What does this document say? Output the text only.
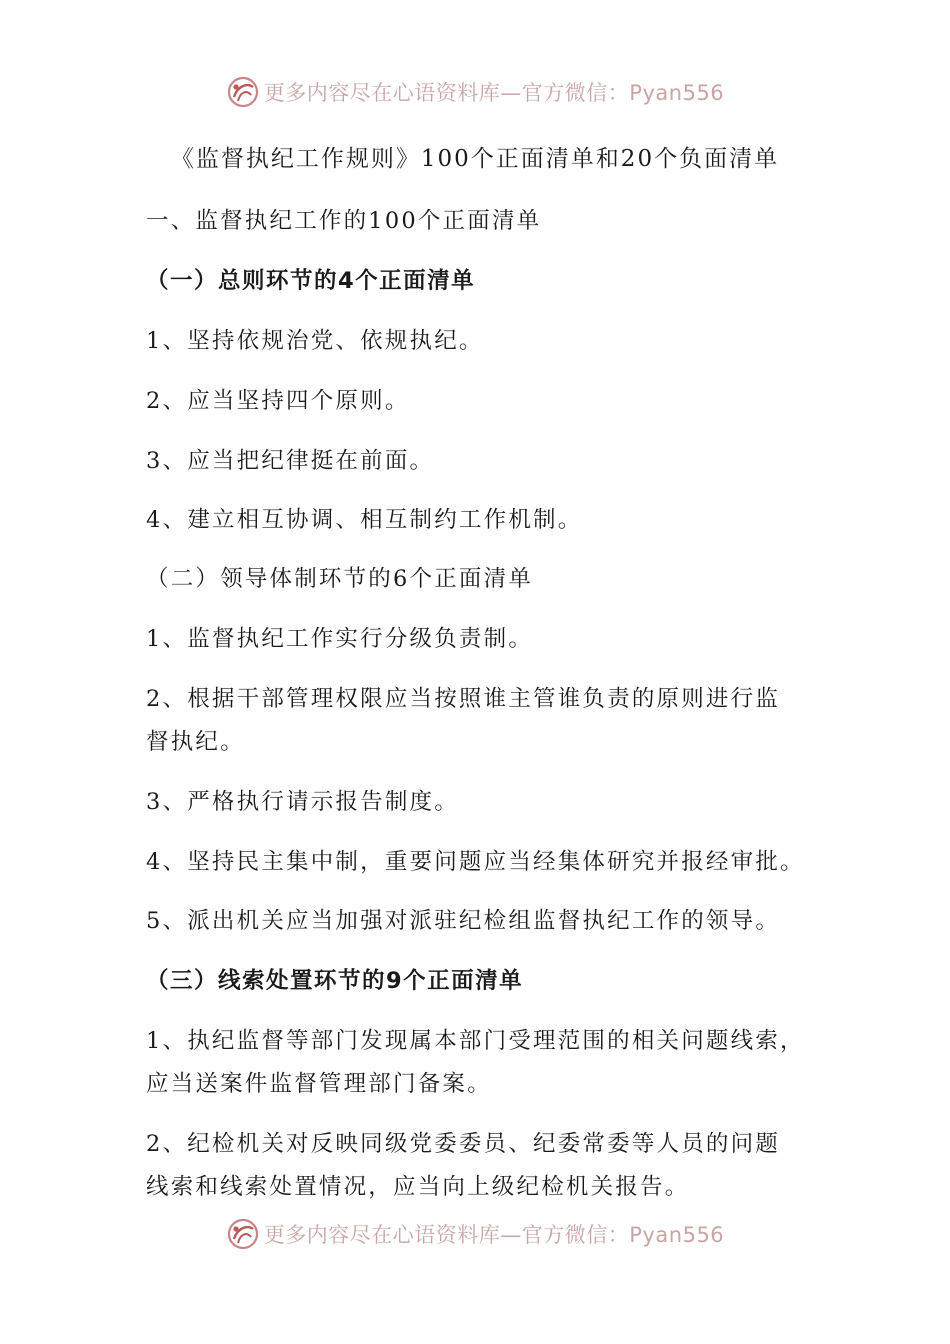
更多内容尽在心语资料库—官方微信：Pyan556
《监督执纪工作规则》100个正面清单和20个负面清单
一、监督执纪工作的100个正面清单
（一）总则环节的4个正面清单
1、坚持依规治党、依规执纪。
2、应当坚持四个原则。
3、应当把纪律挺在前面。
4、建立相互协调、相互制约工作机制。
（二）领导体制环节的6个正面清单
1、监督执纪工作实行分级负责制。
2、根据干部管理权限应当按照谁主管谁负责的原则进行监
督执纪。
3、严格执行请示报告制度。
4、坚持民主集中制，重要问题应当经集体研究并报经审批。
5、派出机关应当加强对派驻纪检组监督执纪工作的领导。
（三）线索处置环节的9个正面清单
1、执纪监督等部门发现属本部门受理范围的相关问题线索，
应当送案件监督管理部门备案。
2、纪检机关对反映同级党委委员、纪委常委等人员的问题
线索和线索处置情况，应当向上级纪检机关报告。
更多内容尽在心语资料库—官方微信：Pyan556
